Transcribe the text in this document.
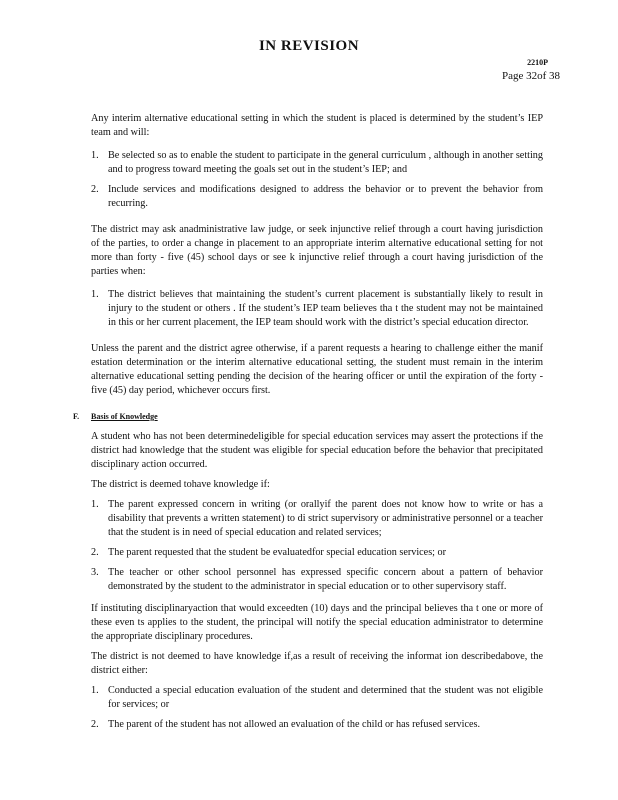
IN REVISION
2210P
Page 32of 38

Any interim alternative educational setting in which the student is placed is determined by the student’s IEP team and will:

1. Be selected so as to enable the student to participate in the general curriculum , although in another setting and to progress toward meeting the goals set out in the student’s IEP; and
2. Include services and modifications designed to address the behavior or to prevent the behavior from recurring.

The district may ask anadministrative law judge, or seek injunctive relief through a court having jurisdiction of the parties, to order a change in placement to an appropriate interim alternative educational setting for not more than forty - five (45) school days or see k injunctive relief through a court having jurisdiction of the parties when:

1. The district believes that maintaining the student’s current placement is substantially likely to result in injury to the student or others . If the student’s IEP team believes tha t the student may not be maintained in this or her current placement, the IEP team should work with the district’s special education director.

Unless the parent and the district agree otherwise, if a parent requests a hearing to challenge either the manif estation determination or the interim alternative educational setting, the student must remain in the interim alternative educational setting pending the decision of the hearing officer or until the expiration of the forty -five (45) day period, whichever occurs first.

F.	Basis of Knowledge

A student who has not been determinedeligible for special education services may assert the protections if the district had knowledge that the student was eligible for special education before the behavior that precipitated disciplinary action occurred.

The district is deemed tohave knowledge if:

1. The parent expressed concern in writing (or orallyif the parent does not know how to write or has a disability that prevents a written statement) to di strict supervisory or administrative personnel or a teacher that the student is in need of special education and related services;
2. The parent requested that the student be evaluatedfor special education services; or
3. The teacher or other school personnel has expressed specific concern about a pattern of behavior demonstrated by the student to the administrator in special education or to other supervisory staff.

If instituting disciplinaryaction that would exceedten (10) days and the principal believes tha t one or more of these even ts applies to the student, the principal will notify the special education administrator to determine the appropriate disciplinary procedures.

The district is not deemed to have knowledge if,as a result of receiving the informat ion describedabove, the district either:

1. Conducted a special education evaluation of the student and determined that the student was not eligible for services; or
2. The parent of the student has not allowed an evaluation of the child or has refused services.
